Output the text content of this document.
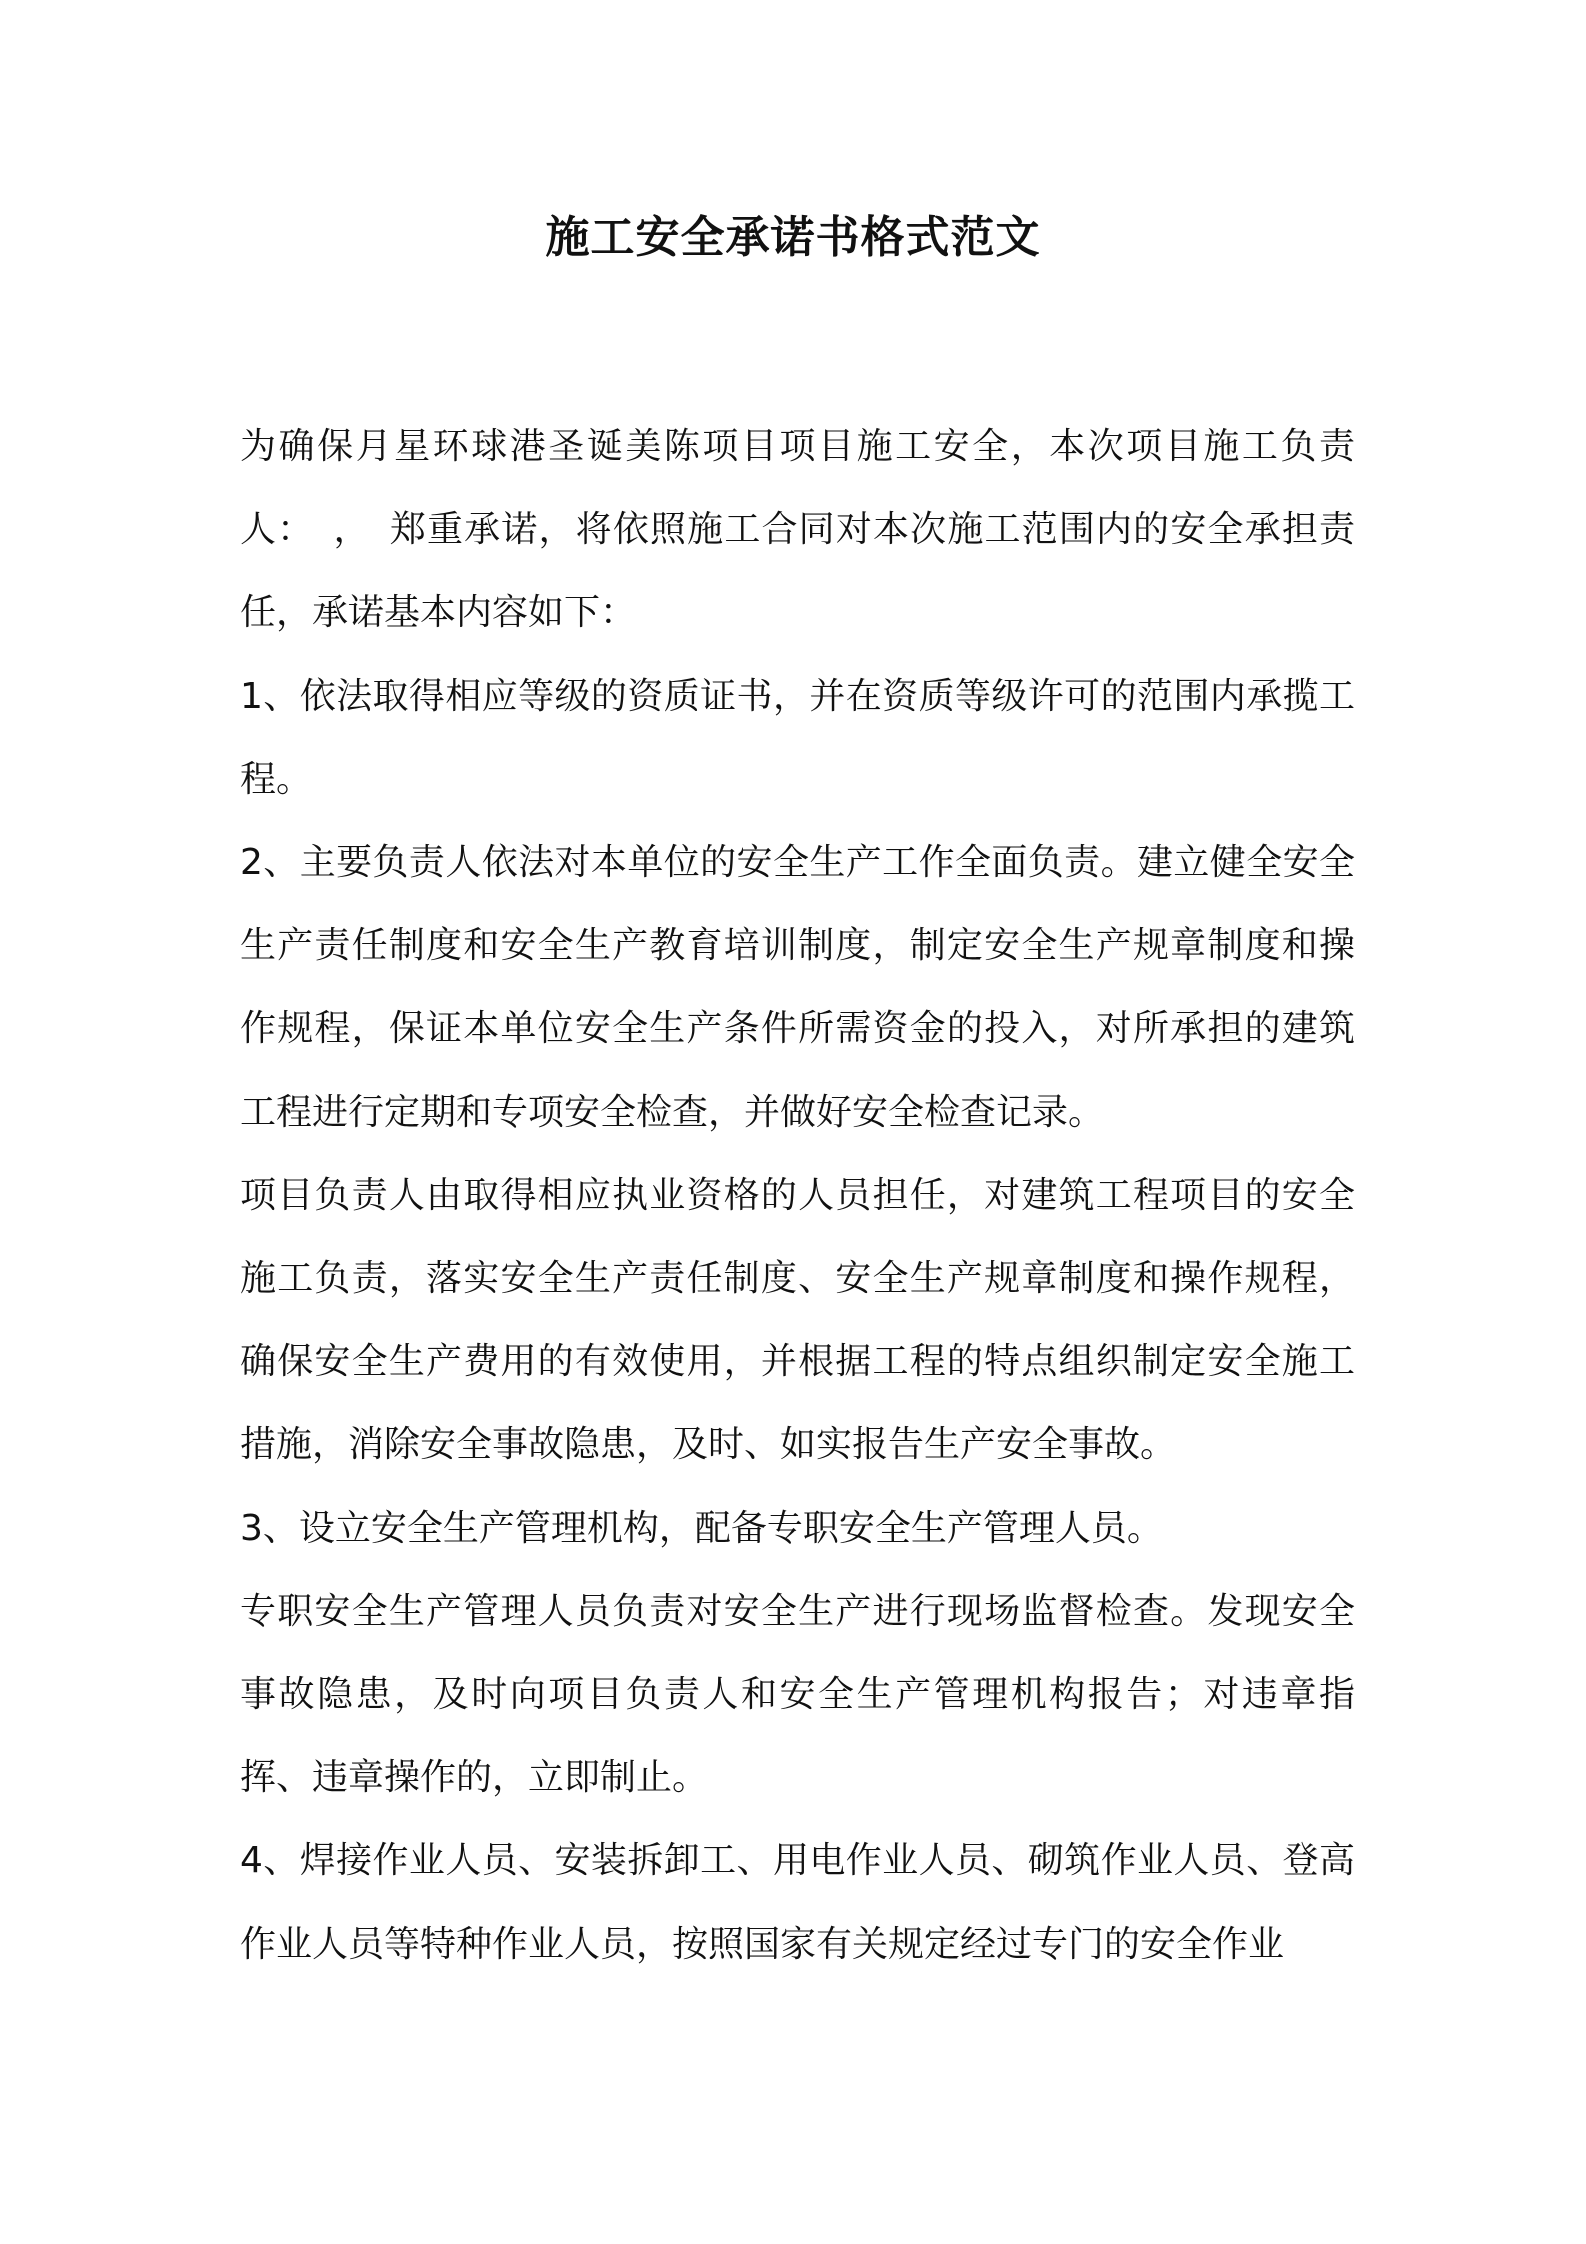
施工安全承诺书格式范文

为确保月星环球港圣诞美陈项目项目施工安全，本次项目施工负责人：　，　郑重承诺，将依照施工合同对本次施工范围内的安全承担责任，承诺基本内容如下：

1、依法取得相应等级的资质证书，并在资质等级许可的范围内承揽工程。

2、主要负责人依法对本单位的安全生产工作全面负责。建立健全安全生产责任制度和安全生产教育培训制度，制定安全生产规章制度和操作规程，保证本单位安全生产条件所需资金的投入，对所承担的建筑工程进行定期和专项安全检查，并做好安全检查记录。

项目负责人由取得相应执业资格的人员担任，对建筑工程项目的安全施工负责，落实安全生产责任制度、安全生产规章制度和操作规程，确保安全生产费用的有效使用，并根据工程的特点组织制定安全施工措施，消除安全事故隐患，及时、如实报告生产安全事故。

3、设立安全生产管理机构，配备专职安全生产管理人员。

专职安全生产管理人员负责对安全生产进行现场监督检查。发现安全事故隐患，及时向项目负责人和安全生产管理机构报告；对违章指挥、违章操作的，立即制止。

4、焊接作业人员、安装拆卸工、用电作业人员、砌筑作业人员、登高作业人员等特种作业人员，按照国家有关规定经过专门的安全作业
